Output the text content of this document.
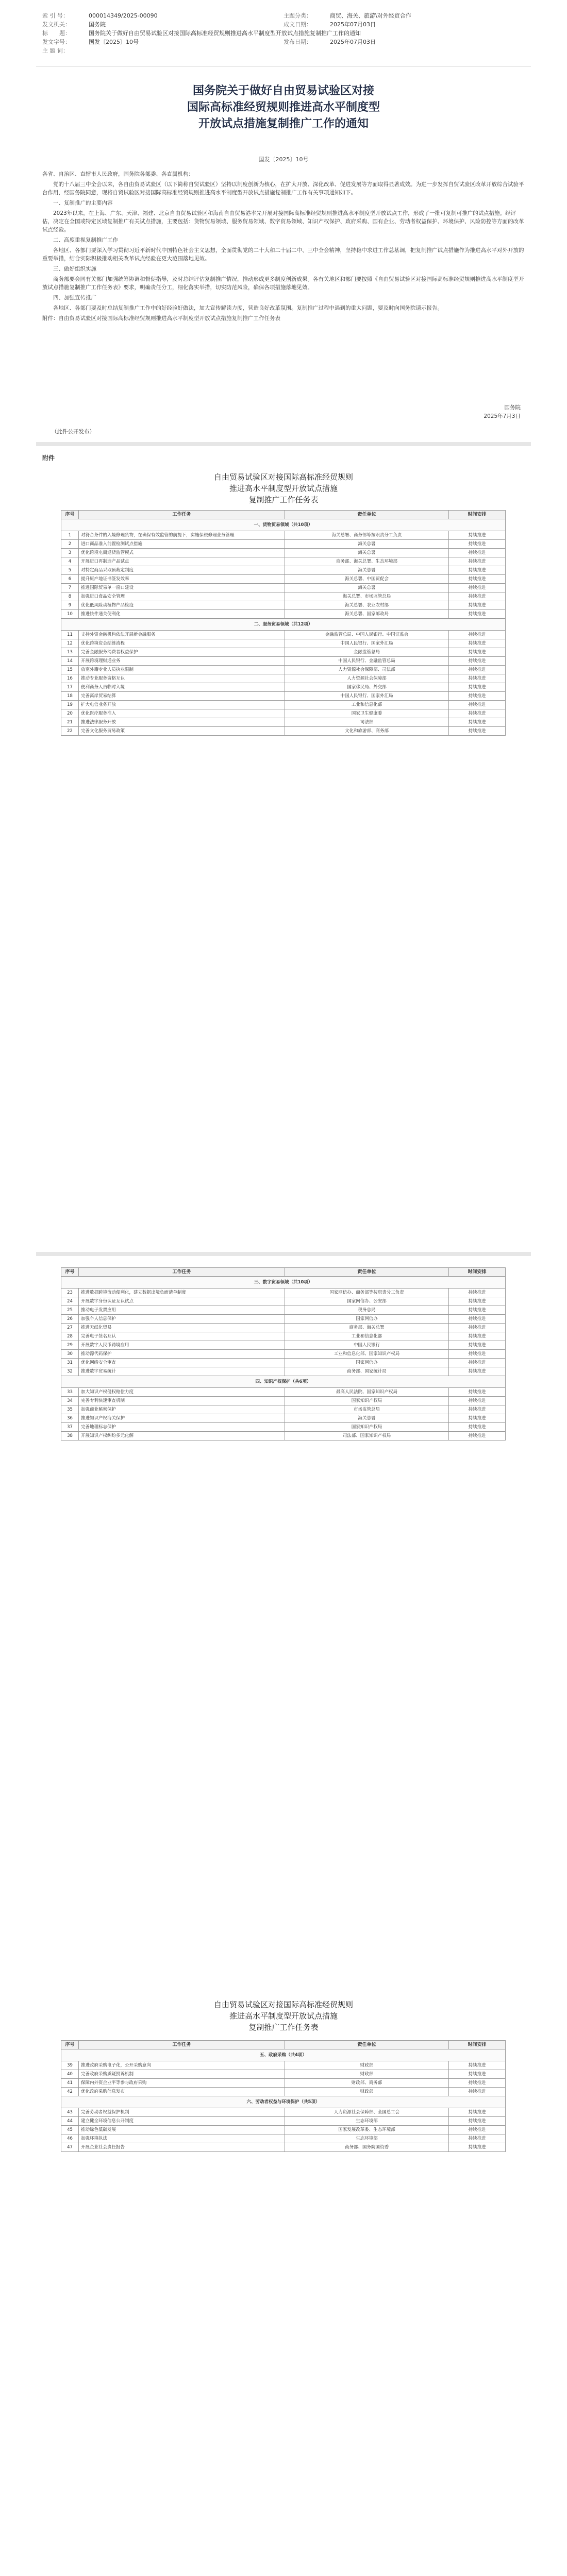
索 引 号：	000014349/2025-00090	主题分类：	商贸、海关、旅游\对外经贸合作
发文机关：	国务院	成文日期：	2025年07月03日
标　　题：	国务院关于做好自由贸易试验区对接国际高标准经贸规则推进高水平制度型开放试点措施复制推广工作的通知
发文字号：	国发〔2025〕10号	发布日期：	2025年07月03日
主 题 词：
国务院关于做好自由贸易试验区对接
国际高标准经贸规则推进高水平制度型
开放试点措施复制推广工作的通知
国发〔2025〕10号

各省、自治区、直辖市人民政府，国务院各部委、各直属机构：

党的十八届三中全会以来，各自由贸易试验区（以下简称自贸试验区）坚持以制度创新为核心，在扩大开放、深化改革、促进发展等方面取得显著成效。为进一步发挥自贸试验区改革开放综合试验平台作用，经国务院同意，现将自贸试验区对接国际高标准经贸规则推进高水平制度型开放试点措施复制推广工作有关事项通知如下。

一、复制推广的主要内容

2023年以来，在上海、广东、天津、福建、北京自由贸易试验区和海南自由贸易港率先开展对接国际高标准经贸规则推进高水平制度型开放试点工作，形成了一批可复制可推广的试点措施。经评估，决定在全国或特定区域复制推广有关试点措施，主要包括：货物贸易领域、服务贸易领域、数字贸易领域、知识产权保护、政府采购、国有企业、劳动者权益保护、环境保护、风险防控等方面的改革试点经验。

二、高度重视复制推广工作

各地区、各部门要深入学习贯彻习近平新时代中国特色社会主义思想，全面贯彻党的二十大和二十届二中、三中全会精神，坚持稳中求进工作总基调，把复制推广试点措施作为推进高水平对外开放的重要举措，结合实际积极推动相关改革试点经验在更大范围落地见效。

三、做好组织实施

商务部要会同有关部门加强统筹协调和督促指导，及时总结评估复制推广情况，推动形成更多制度创新成果。各有关地区和部门要按照《自由贸易试验区对接国际高标准经贸规则推进高水平制度型开放试点措施复制推广工作任务表》要求，明确责任分工，细化落实举措，切实防范风险，确保各项措施落地见效。

四、加强宣传推广

各地区、各部门要及时总结复制推广工作中的好经验好做法，加大宣传解读力度，营造良好改革氛围。复制推广过程中遇到的重大问题，要及时向国务院请示报告。

附件：自由贸易试验区对接国际高标准经贸规则推进高水平制度型开放试点措施复制推广工作任务表

国务院
2025年7月3日
（此件公开发布）
附件
自由贸易试验区对接国际高标准经贸规则
推进高水平制度型开放试点措施
复制推广工作任务表
序号	工作任务	责任单位	时间安排
一、货物贸易领域（共10项）			
1	对符合条件的入境修理货物，在确保有效监管的前提下，实施保税修理业务管理	海关总署、商务部等按职责分工负责	持续推进
2	进口商品准入前置检测试点措施	海关总署	持续推进
3	优化跨境电商退货监管模式	海关总署	持续推进
4	开展进口再制造产品试点	商务部、海关总署、生态环境部	持续推进
5	对特定商品采取预裁定制度	海关总署	持续推进
6	提升原产地证书签发效率	海关总署、中国贸促会	持续推进
7	推进国际贸易单一窗口建设	海关总署	持续推进
8	加强进口食品安全管理	海关总署、市场监管总局	持续推进
9	优化低风险动植物产品检疫	海关总署、农业农村部	持续推进
10	推进快件通关便利化	海关总署、国家邮政局	持续推进
二、服务贸易领域（共12项）			
11	支持外资金融机构依法开展新金融服务	金融监管总局、中国人民银行、中国证监会	持续推进
12	优化跨境资金结算流程	中国人民银行、国家外汇局	持续推进
13	完善金融服务消费者权益保护	金融监管总局	持续推进
14	开展跨境理财通业务	中国人民银行、金融监管总局	持续推进
15	放宽外籍专业人员执业限制	人力资源社会保障部、司法部	持续推进
16	推动专业服务资格互认	人力资源社会保障部	持续推进
17	便利商务人员临时入境	国家移民局、外交部	持续推进
18	完善离岸贸易结算	中国人民银行、国家外汇局	持续推进
19	扩大电信业务开放	工业和信息化部	持续推进
20	优化医疗服务准入	国家卫生健康委	持续推进
21	推进法律服务开放	司法部	持续推进
22	完善文化服务贸易政策	文化和旅游部、商务部	持续推进
序号	工作任务	责任单位	时间安排
三、数字贸易领域（共10项）			
23	推进数据跨境流动便利化，建立数据出境负面清单制度	国家网信办、商务部等按职责分工负责	持续推进
24	开展数字身份认证互认试点	国家网信办、公安部	持续推进
25	推动电子发票应用	税务总局	持续推进
26	加强个人信息保护	国家网信办	持续推进
27	推进无纸化贸易	商务部、海关总署	持续推进
28	完善电子签名互认	工业和信息化部	持续推进
29	开展数字人民币跨境应用	中国人民银行	持续推进
30	推动源代码保护	工业和信息化部、国家知识产权局	持续推进
31	优化网络安全审查	国家网信办	持续推进
32	推进数字贸易统计	商务部、国家统计局	持续推进
四、知识产权保护（共6项）			
33	加大知识产权侵权赔偿力度	最高人民法院、国家知识产权局	持续推进
34	完善专利快速审查机制	国家知识产权局	持续推进
35	加强商业秘密保护	市场监管总局	持续推进
36	推进知识产权海关保护	海关总署	持续推进
37	完善地理标志保护	国家知识产权局	持续推进
38	开展知识产权纠纷多元化解	司法部、国家知识产权局	持续推进
自由贸易试验区对接国际高标准经贸规则
推进高水平制度型开放试点措施
复制推广工作任务表
序号	工作任务	责任单位	时间安排
五、政府采购（共4项）			
39	推进政府采购电子化，公开采购意向	财政部	持续推进
40	完善政府采购质疑投诉机制	财政部	持续推进
41	保障内外资企业平等参与政府采购	财政部、商务部	持续推进
42	优化政府采购信息发布	财政部	持续推进
六、劳动者权益与环境保护（共5项）			
43	完善劳动者权益保护机制	人力资源社会保障部、全国总工会	持续推进
44	建立健全环境信息公开制度	生态环境部	持续推进
45	推动绿色低碳发展	国家发展改革委、生态环境部	持续推进
46	加强环境执法	生态环境部	持续推进
47	开展企业社会责任报告	商务部、国务院国资委	持续推进
